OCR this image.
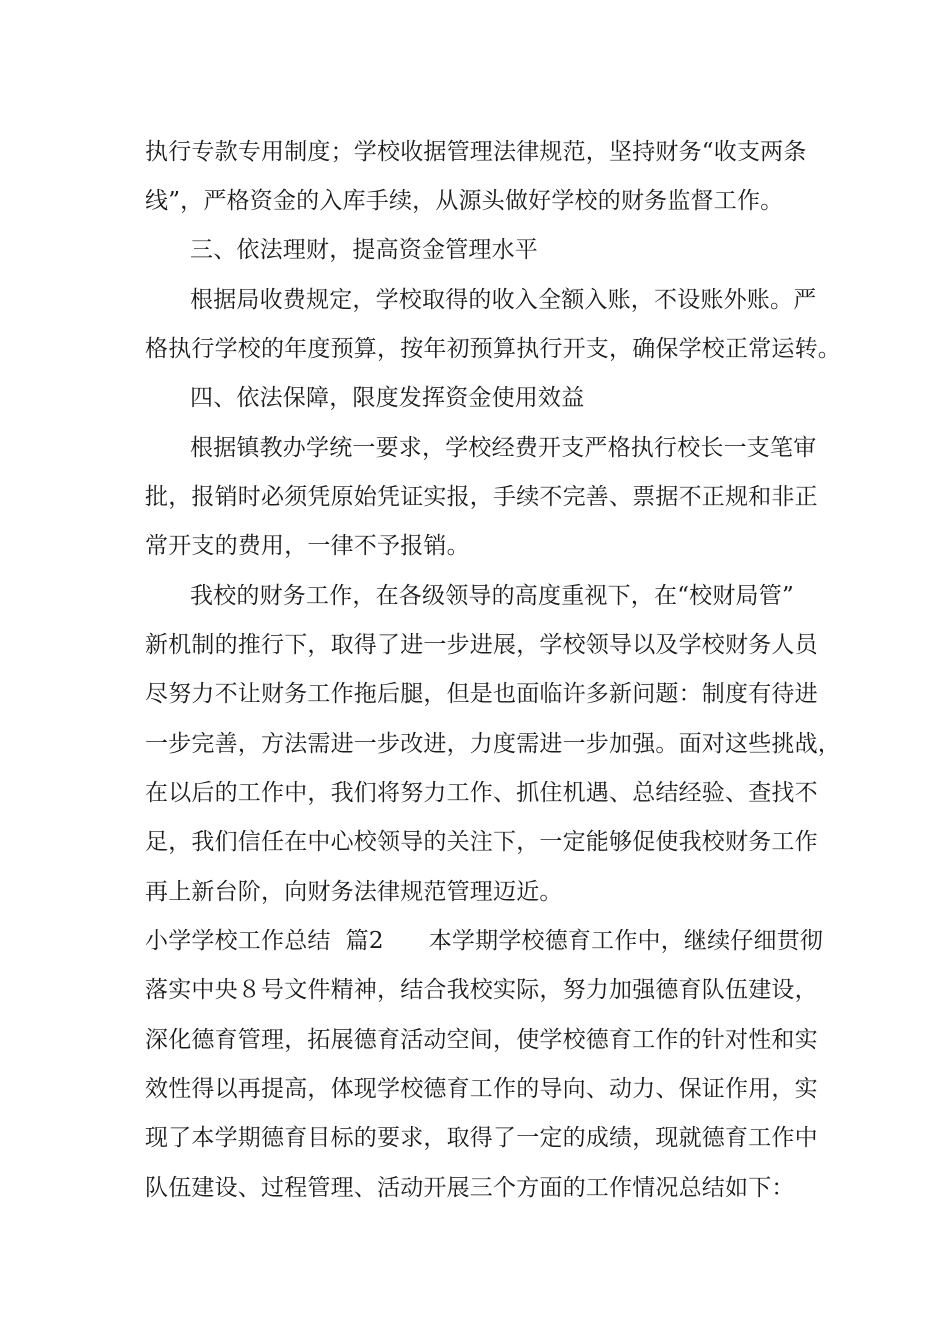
执行专款专用制度；学校收据管理法律规范，坚持财务“收支两条
线”，严格资金的入库手续，从源头做好学校的财务监督工作。
三、依法理财，提高资金管理水平
根据局收费规定，学校取得的收入全额入账，不设账外账。严
格执行学校的年度预算，按年初预算执行开支，确保学校正常运转。
四、依法保障，限度发挥资金使用效益
根据镇教办学统一要求，学校经费开支严格执行校长一支笔审
批，报销时必须凭原始凭证实报，手续不完善、票据不正规和非正
常开支的费用，一律不予报销。
我校的财务工作，在各级领导的高度重视下，在“校财局管”
新机制的推行下，取得了进一步进展，学校领导以及学校财务人员
尽努力不让财务工作拖后腿，但是也面临许多新问题：制度有待进
一步完善，方法需进一步改进，力度需进一步加强。面对这些挑战，
在以后的工作中，我们将努力工作、抓住机遇、总结经验、查找不
足，我们信任在中心校领导的关注下，一定能够促使我校财务工作
再上新台阶，向财务法律规范管理迈近。
小学学校工作总结  篇2      本学期学校德育工作中，继续仔细贯彻
落实中央８号文件精神，结合我校实际，努力加强德育队伍建设，
深化德育管理，拓展德育活动空间，使学校德育工作的针对性和实
效性得以再提高，体现学校德育工作的导向、动力、保证作用，实
现了本学期德育目标的要求，取得了一定的成绩，现就德育工作中
队伍建设、过程管理、活动开展三个方面的工作情况总结如下：
